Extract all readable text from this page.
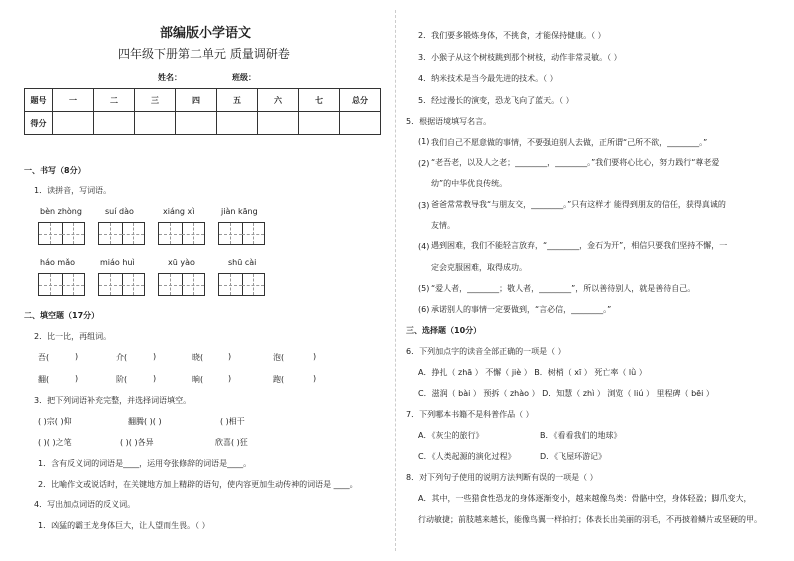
部编版小学语文
四年级下册第二单元 质量调研卷
姓名：	班级：
题号	一	二	三	四	五	六	七	总分
得分								
一、书写（8分）
1．读拼音，写词语。
bèn zhòng	suí dào	xiáng xì	jiàn kāng
háo mǎo	miáo huì	xū yào	shū cài
二、填空题（17分）
2．比一比，再组词。
吾(	)	介(	)	晓(	)	泡(	)
翻(	)	阶(	)	晌(	)	跑(	)
3．把下列词语补充完整，并选择词语填空。
( )宗( )仰	翻腾( )( )	( )相干
( )( )之笔	( )( )各异	欣喜( )狂
1．含有反义词的词语是____，运用夸张修辞的词语是____。
2．比喻作文或说话时，在关键地方加上精辟的语句，使内容更加生动传神的词语是 ____。
4．写出加点词语的反义词。
1．凶猛的霸王龙身体巨大，让人望而生畏。（ ）
2．我们要多锻炼身体，不挑食，才能保持健康。（ ）
3．小猴子从这个树枝跳到那个树枝，动作非常灵敏。（ ）
4．纳米技术是当今最先进的技术。（ ）
5．经过漫长的演变，恐龙飞向了蓝天。（ ）
5．根据语境填写名言。
(1) 我们自己不愿意做的事情，不要强迫别人去做，正所谓“己所不欲，________。”
(2) “老吾老，以及人之老；________，________。”我们要将心比心，努力践行“尊老爱
幼”的中华优良传统。
(3) 爸爸常常教导我“与朋友交，________。”只有这样才 能得到朋友的信任，获得真诚的
友情。
(4) 遇到困难，我们不能轻言放弃，“________，金石为开”，相信只要我们坚持不懈，一
定会克服困难，取得成功。
(5) “爱人者，________；敬人者，________”，所以善待别人，就是善待自己。
(6) 承诺别人的事情一定要做到，“言必信，________。”
三、选择题（10分）
6．下列加点字的读音全部正确的一项是（ ）
A．挣扎（ zhā ） 不懈（ jiè ） B．树梢（ xī ） 死亡率（ lǜ ）
C．滋润（ bài ） 预拆（ zhào ） D．知慧（ zhì ） 浏览（ liú ） 里程碑（ bēi ）
7．下列哪本书籍不是科普作品（ ）
A．《灰尘的旅行》	B．《看看我们的地球》
C．《人类起源的演化过程》	D．《飞屋环游记》
8．对下列句子使用的说明方法判断有误的一项是（ ）
A．其中，一些猎食性恐龙的身体逐渐变小，越来越像鸟类：骨骼中空，身体轻盈；脚爪变大，
行动敏捷；前肢越来越长，能像鸟翼一样拍打；体表长出美丽的羽毛，不再披着鳞片或坚硬的甲。
